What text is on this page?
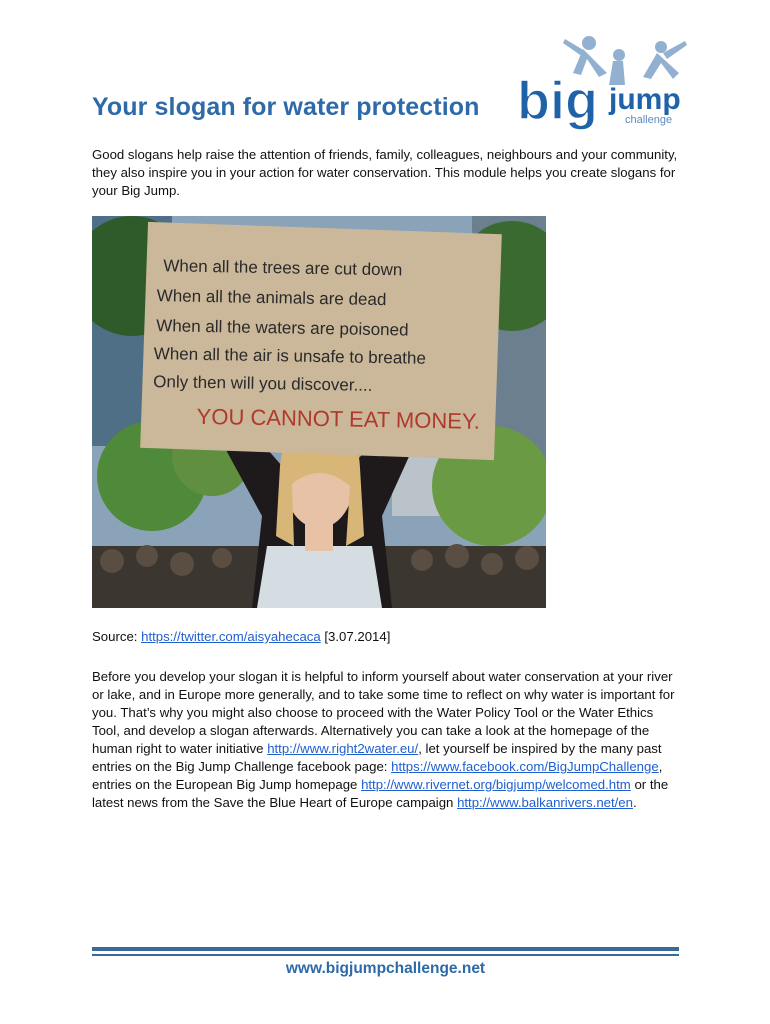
Your slogan for water protection big jump
challenge

Good slogans help raise the attention of friends, family, colleagues, neighbours and your community, they also inspire you in your action for water conservation. This module helps you create slogans for your Big Jump.

When all the trees are cut down
When all the animals are dead
When all the waters are poisoned
When all the air is unsafe to breathe
Only then will you discover....
YOU CANNOT EAT MONEY.
Source: https://twitter.com/aisyahecaca [3.07.2014]

Before you develop your slogan it is helpful to inform yourself about water conservation at your river or lake, and in Europe more generally, and to take some time to reflect on why water is important for you. That’s why you might also choose to proceed with the Water Policy Tool or the Water Ethics Tool, and develop a slogan afterwards. Alternatively you can take a look at the homepage of the human right to water initiative http://www.right2water.eu/, let yourself be inspired by the many past entries on the Big Jump Challenge facebook page: https://www.facebook.com/BigJumpChallenge, entries on the European Big Jump homepage http://www.rivernet.org/bigjump/welcomed.htm or the latest news from the Save the Blue Heart of Europe campaign http://www.balkanrivers.net/en.

www.bigjumpchallenge.net
